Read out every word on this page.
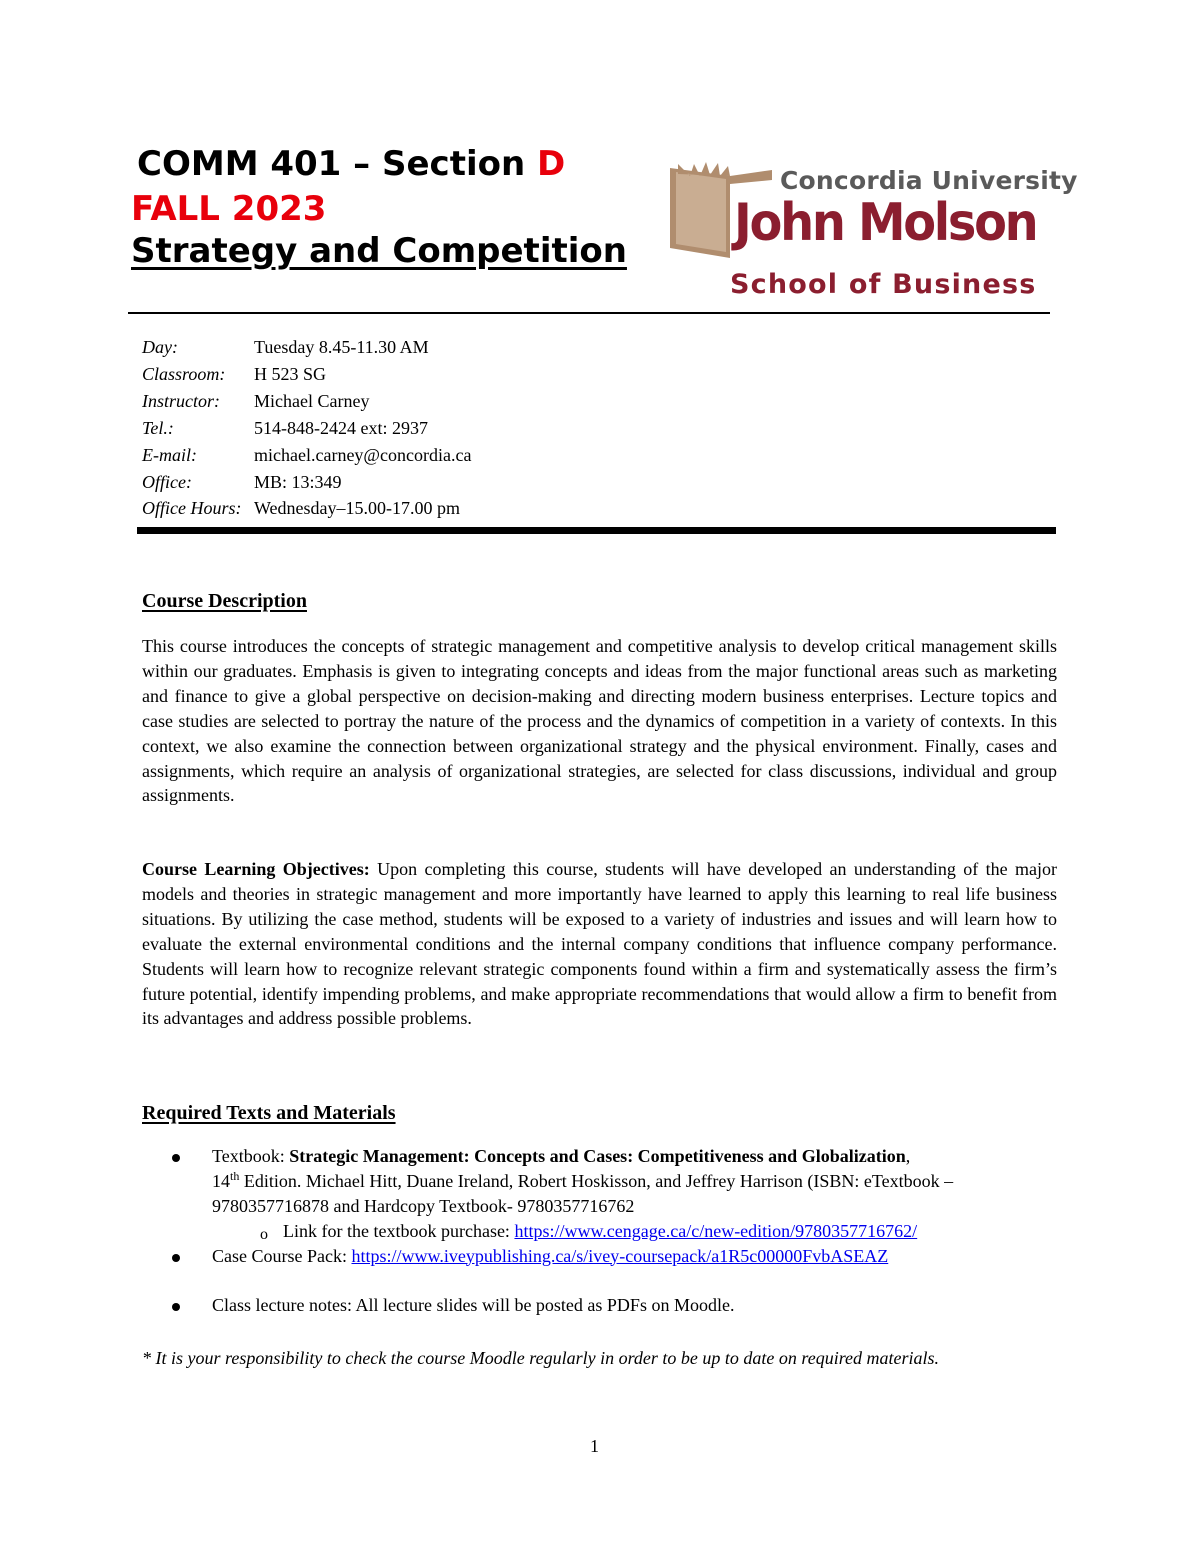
COMM 401 – Section D
FALL 2023
Strategy and Competition
Concordia University
John Molson
School of Business
Day:	Tuesday 8.45-11.30 AM
Classroom:	H 523 SG
Instructor:	Michael Carney
Tel.:	514-848-2424 ext: 2937
E-mail:	michael.carney@concordia.ca
Office:	MB: 13:349
Office Hours: Wednesday–15.00-17.00 pm
Course Description
This course introduces the concepts of strategic management and competitive analysis to develop critical management skills within our graduates. Emphasis is given to integrating concepts and ideas from the major functional areas such as marketing and finance to give a global perspective on decision-making and directing modern business enterprises. Lecture topics and case studies are selected to portray the nature of the process and the dynamics of competition in a variety of contexts. In this context, we also examine the connection between organizational strategy and the physical environment. Finally, cases and assignments, which require an analysis of organizational strategies, are selected for class discussions, individual and group assignments.
Course Learning Objectives: Upon completing this course, students will have developed an understanding of the major models and theories in strategic management and more importantly have learned to apply this learning to real life business situations. By utilizing the case method, students will be exposed to a variety of industries and issues and will learn how to evaluate the external environmental conditions and the internal company conditions that influence company performance. Students will learn how to recognize relevant strategic components found within a firm and systematically assess the firm’s future potential, identify impending problems, and make appropriate recommendations that would allow a firm to benefit from its advantages and address possible problems.
Required Texts and Materials
Textbook: Strategic Management: Concepts and Cases: Competitiveness and Globalization,
14th Edition. Michael Hitt, Duane Ireland, Robert Hoskisson, and Jeffrey Harrison (ISBN: eTextbook – 9780357716878 and Hardcopy Textbook- 9780357716762
o Link for the textbook purchase: https://www.cengage.ca/c/new-edition/9780357716762/
Case Course Pack: https://www.iveypublishing.ca/s/ivey-coursepack/a1R5c00000FvbASEAZ
Class lecture notes: All lecture slides will be posted as PDFs on Moodle.
* It is your responsibility to check the course Moodle regularly in order to be up to date on required materials.
1
